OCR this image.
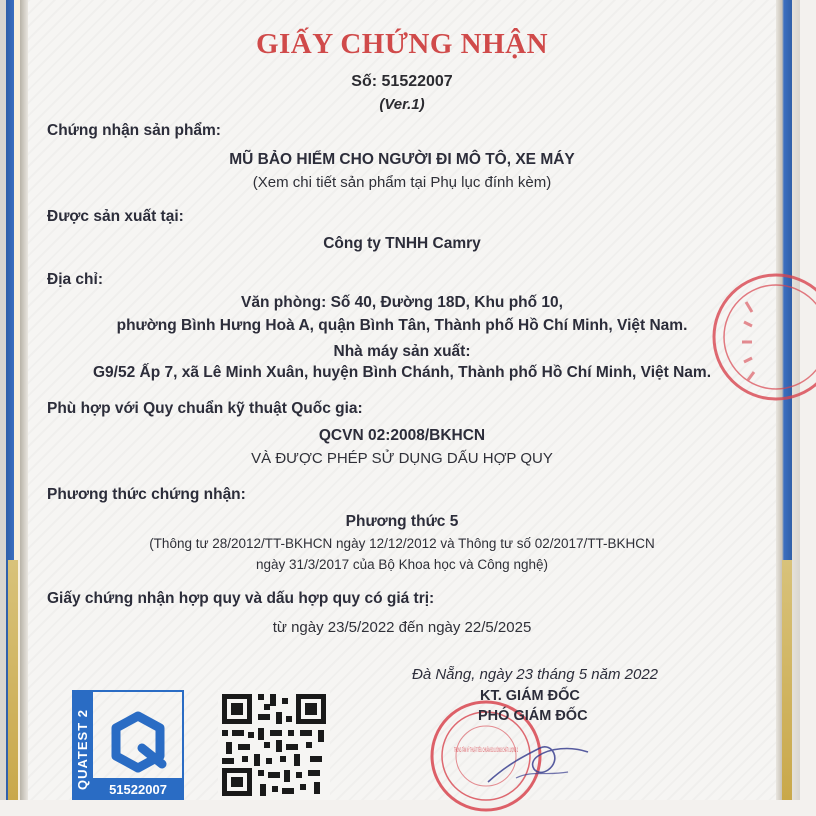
GIẤY CHỨNG NHẬN
Số: 51522007
(Ver.1)
Chứng nhận sản phẩm:
MŨ BẢO HIỂM CHO NGƯỜI ĐI MÔ TÔ, XE MÁY
(Xem chi tiết sản phẩm tại Phụ lục đính kèm)
Được sản xuất tại:
Công ty TNHH Camry
Địa chỉ:
Văn phòng: Số 40, Đường 18D, Khu phố 10,
phường Bình Hưng Hoà A, quận Bình Tân, Thành phố Hồ Chí Minh, Việt Nam.
Nhà máy sản xuất:
G9/52 Ấp 7, xã Lê Minh Xuân, huyện Bình Chánh, Thành phố Hồ Chí Minh, Việt Nam.
Phù hợp với Quy chuẩn kỹ thuật Quốc gia:
QCVN 02:2008/BKHCN
VÀ ĐƯỢC PHÉP SỬ DỤNG DẤU HỢP QUY
Phương thức chứng nhận:
Phương thức 5
(Thông tư 28/2012/TT-BKHCN ngày 12/12/2012 và Thông tư số 02/2017/TT-BKHCN
ngày 31/3/2017 của Bộ Khoa học và Công nghệ)
Giấy chứng nhận hợp quy và dấu hợp quy có giá trị:
từ ngày 23/5/2022 đến ngày 22/5/2025
QUATEST 2 51522007
Đà Nẵng, ngày 23 tháng 5 năm 2022
TRUNG TÂM KỸ THUẬT TIÊU CHUẨN ĐO LƯỜNG CHẤT LƯỢNG 2
KT. GIÁM ĐỐC
PHÓ GIÁM ĐỐC
